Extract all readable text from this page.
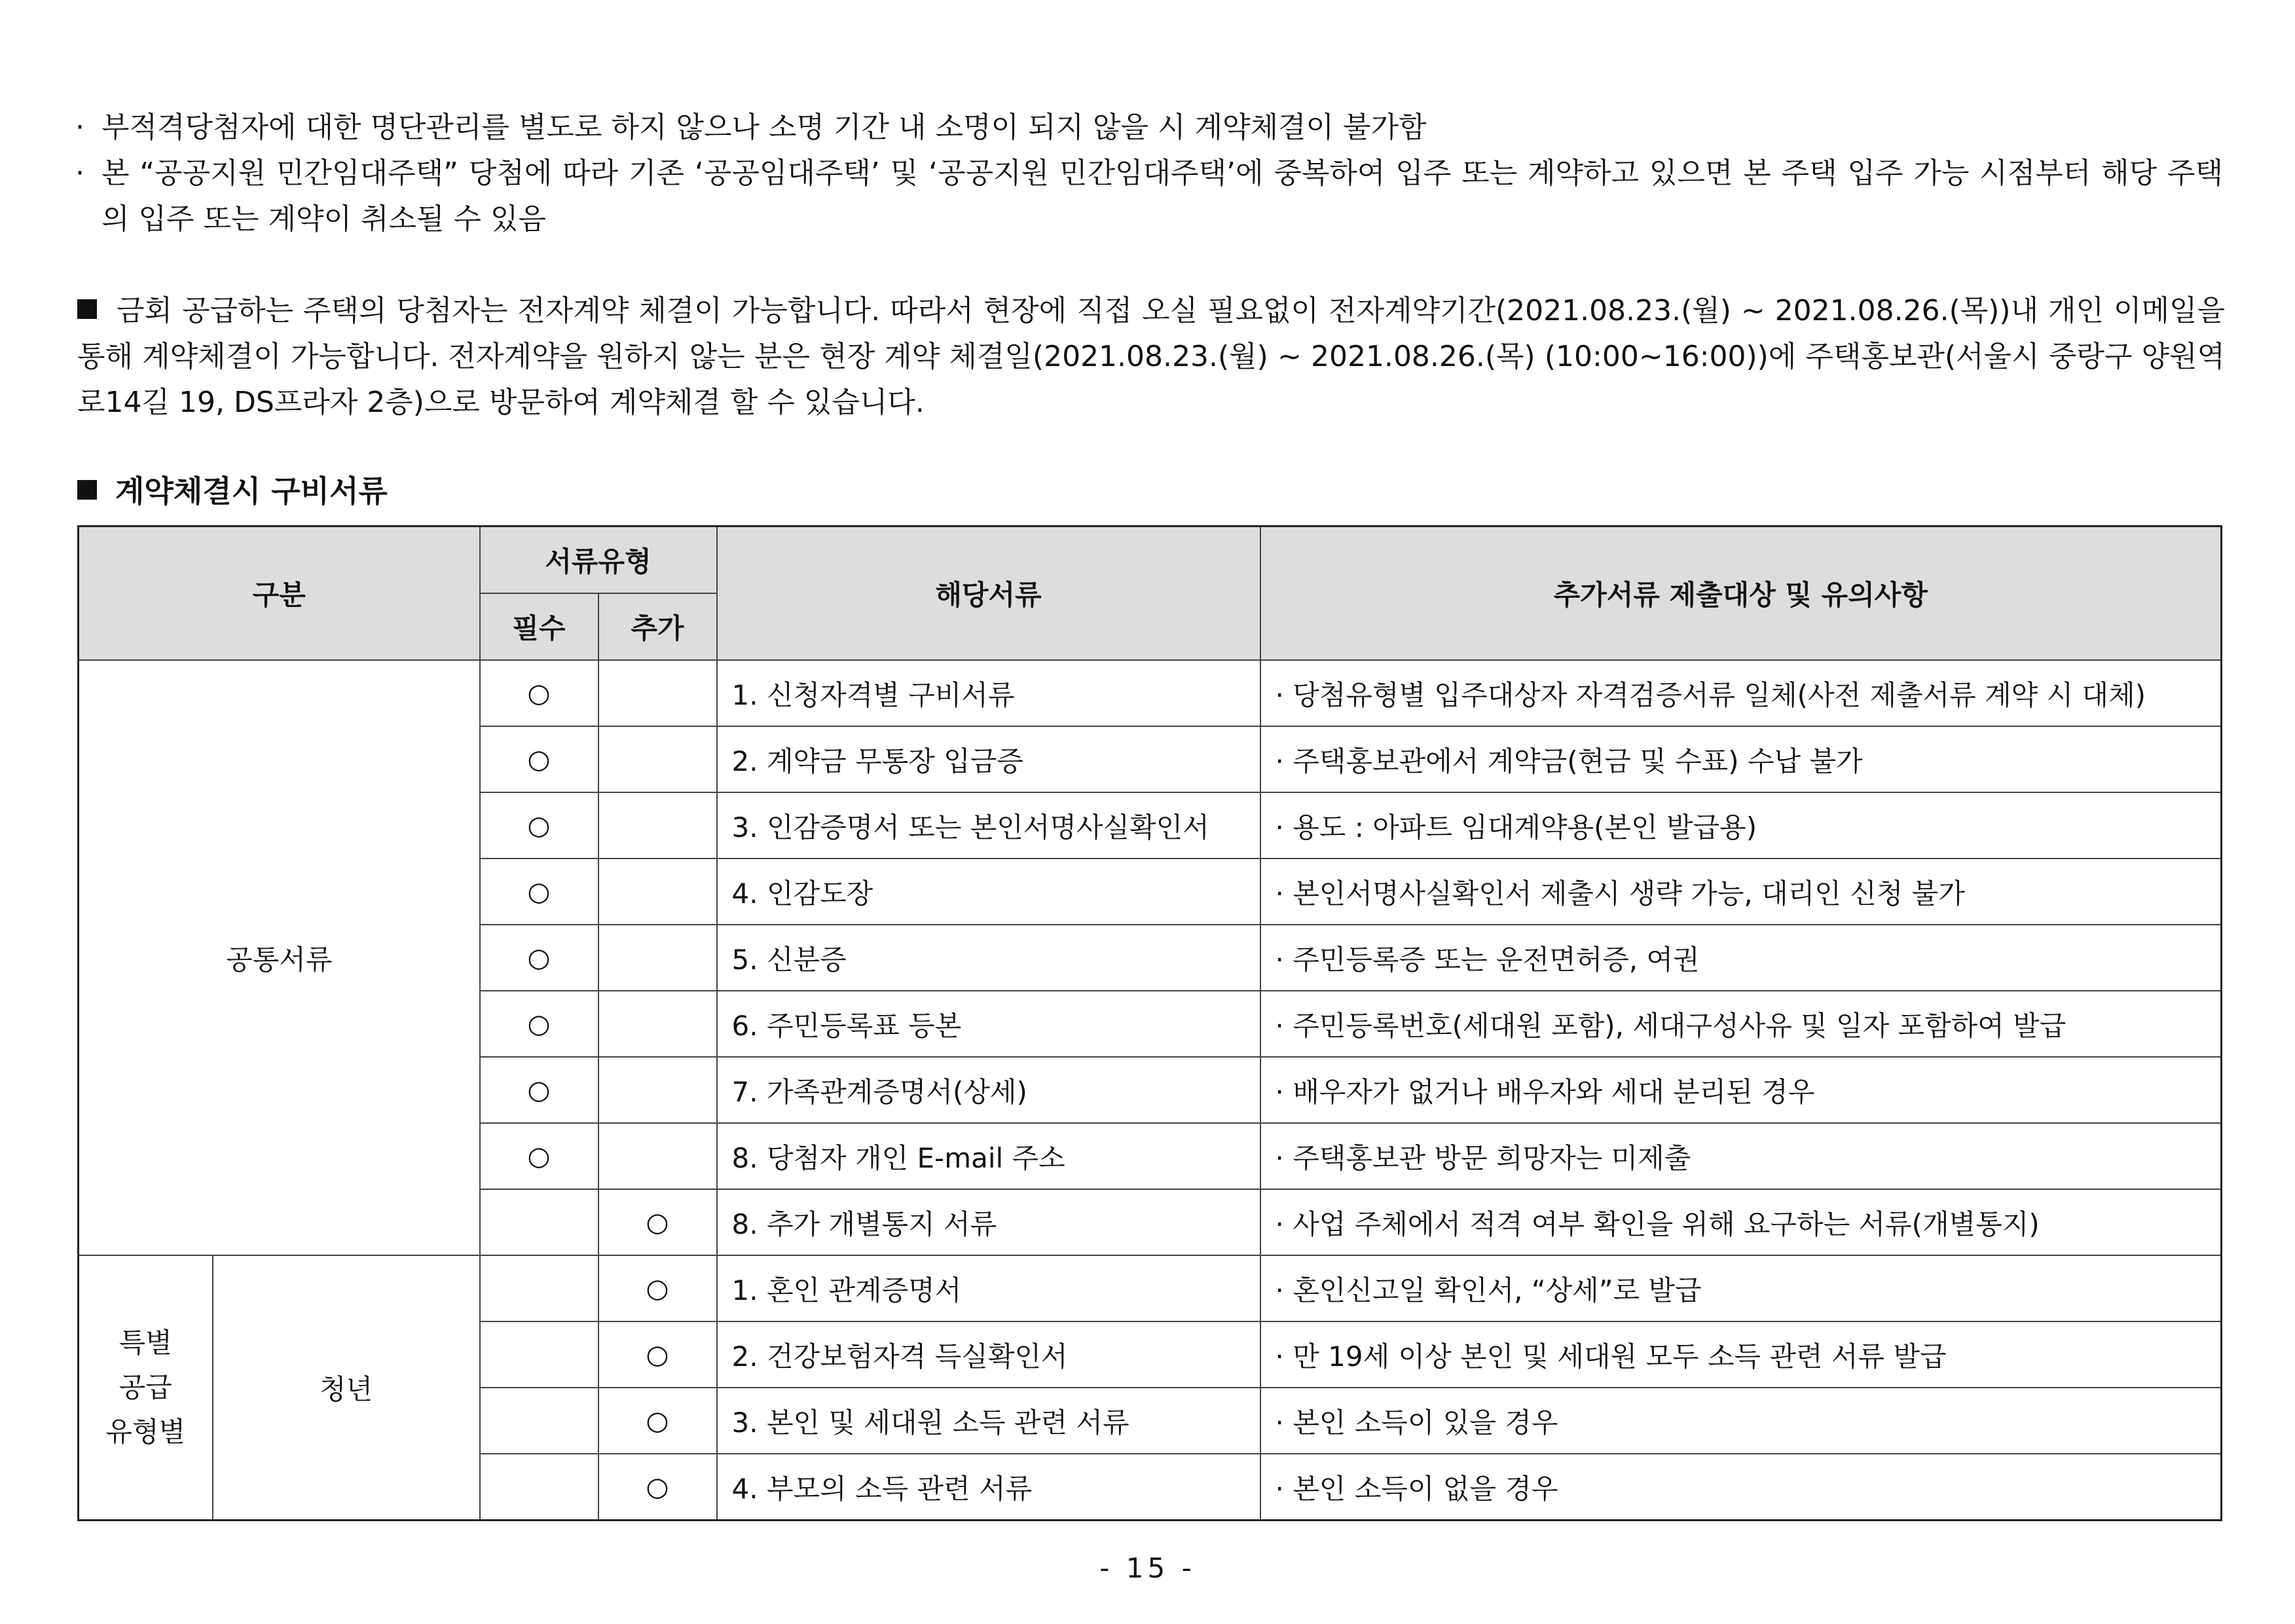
· 부적격당첨자에 대한 명단관리를 별도로 하지 않으나 소명 기간 내 소명이 되지 않을 시 계약체결이 불가함
· 본 “공공지원 민간임대주택” 당첨에 따라 기존 ‘공공임대주택’ 및 ‘공공지원 민간임대주택’에 중복하여 입주 또는 계약하고 있으면 본 주택 입주 가능 시점부터 해당 주택의 입주 또는 계약이 취소될 수 있음
금회 공급하는 주택의 당첨자는 전자계약 체결이 가능합니다. 따라서 현장에 직접 오실 필요없이 전자계약기간(2021.08.23.(월) ~ 2021.08.26.(목))내 개인 이메일을 통해 계약체결이 가능합니다. 전자계약을 원하지 않는 분은 현장 계약 체결일(2021.08.23.(월) ~ 2021.08.26.(목) (10:00~16:00))에 주택홍보관(서울시 중랑구 양원역로14길 19, DS프라자 2층)으로 방문하여 계약체결 할 수 있습니다.
계약체결시 구비서류
구분		서류유형		해당서류	추가서류 제출대상 및 유의사항
		필수	추가		
공통서류		○		1. 신청자격별 구비서류	· 당첨유형별 입주대상자 자격검증서류 일체(사전 제출서류 계약 시 대체)
		○		2. 계약금 무통장 입금증	· 주택홍보관에서 계약금(현금 및 수표) 수납 불가
		○		3. 인감증명서 또는 본인서명사실확인서	· 용도 : 아파트 임대계약용(본인 발급용)
		○		4. 인감도장	· 본인서명사실확인서 제출시 생략 가능, 대리인 신청 불가
		○		5. 신분증	· 주민등록증 또는 운전면허증, 여권
		○		6. 주민등록표 등본	· 주민등록번호(세대원 포함), 세대구성사유 및 일자 포함하여 발급
		○		7. 가족관계증명서(상세)	· 배우자가 없거나 배우자와 세대 분리된 경우
		○		8. 당첨자 개인 E-mail 주소	· 주택홍보관 방문 희망자는 미제출
			○	8. 추가 개별통지 서류	· 사업 주체에서 적격 여부 확인을 위해 요구하는 서류(개별통지)

특별
공급
유형별	청년		○	1. 혼인 관계증명서	· 혼인신고일 확인서, “상세”로 발급
			○	2. 건강보험자격 득실확인서	· 만 19세 이상 본인 및 세대원 모두 소득 관련 서류 발급
			○	3. 본인 및 세대원 소득 관련 서류	· 본인 소득이 있을 경우
			○	4. 부모의 소득 관련 서류	· 본인 소득이 없을 경우
- 15 -
